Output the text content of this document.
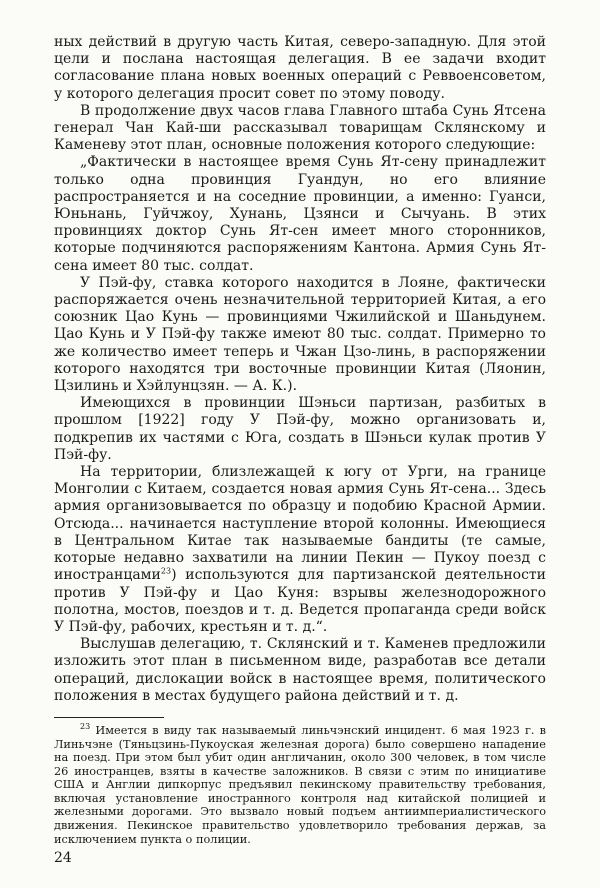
ных действий в другую часть Китая, северо-западную. Для этой цели и послана настоящая делегация. В ее задачи входит согласование плана новых военных операций с Реввоенсоветом, у которого делегация просит совет по этому поводу.

В продолжение двух часов глава Главного штаба Сунь Ятсена генерал Чан Кай-ши рассказывал товарищам Склянскому и Каменеву этот план, основные положения которого следующие:

„Фактически в настоящее время Сунь Ят-сену принадлежит только одна провинция Гуандун, но его влияние распространяется и на соседние провинции, а именно: Гуанси, Юньнань, Гуйчжоу, Хунань, Цзянси и Сычуань. В этих провинциях доктор Сунь Ят-сен имеет много сторонников, которые подчиняются распоряжениям Кантона. Армия Сунь Ят-сена имеет 80 тыс. солдат.

У Пэй-фу, ставка которого находится в Лояне, фактически распоряжается очень незначительной территорией Китая, а его союзник Цао Кунь — провинциями Чжилийской и Шаньдунем. Цао Кунь и У Пэй-фу также имеют 80 тыс. солдат. Примерно то же количество имеет теперь и Чжан Цзо-линь, в распоряжении которого находятся три восточные провинции Китая (Ляонин, Цзилинь и Хэйлунцзян. — А. К.).

Имеющихся в провинции Шэньси партизан, разбитых в прошлом [1922] году У Пэй-фу, можно организовать и, подкрепив их частями с Юга, создать в Шэньси кулак против У Пэй-фу.

На территории, близлежащей к югу от Урги, на границе Монголии с Китаем, создается новая армия Сунь Ят-сена... Здесь армия организовывается по образцу и подобию Красной Армии. Отсюда... начинается наступление второй колонны. Имеющиеся в Центральном Китае так называемые бандиты (те самые, которые недавно захватили на линии Пекин — Пукоу поезд с иностранцами$^{23}$) используются для партизанской деятельности против У Пэй-фу и Цао Куня: взрывы железнодорожного полотна, мостов, поездов и т. д. Ведется пропаганда среди войск У Пэй-фу, рабочих, крестьян и т. д.“.

Выслушав делегацию, т. Склянский и т. Каменев предложили изложить этот план в письменном виде, разработав все детали операций, дислокации войск в настоящее время, политического положения в местах будущего района действий и т. д.

$^{23}$ Имеется в виду так называемый линьчэнский инцидент. 6 мая 1923 г. в Линьчэне (Тяньцзинь-Пукоуская железная дорога) было совершено нападение на поезд. При этом был убит один англичанин, около 300 человек, в том числе 26 иностранцев, взяты в качестве заложников. В связи с этим по инициативе США и Англии дипкорпус предъявил пекинскому правительству требования, включая установление иностранного контроля над китайской полицией и железными дорогами. Это вызвало новый подъем антиимпериалистического движения. Пекинское правительство удовлетворило требования держав, за исключением пункта о полиции.

24
